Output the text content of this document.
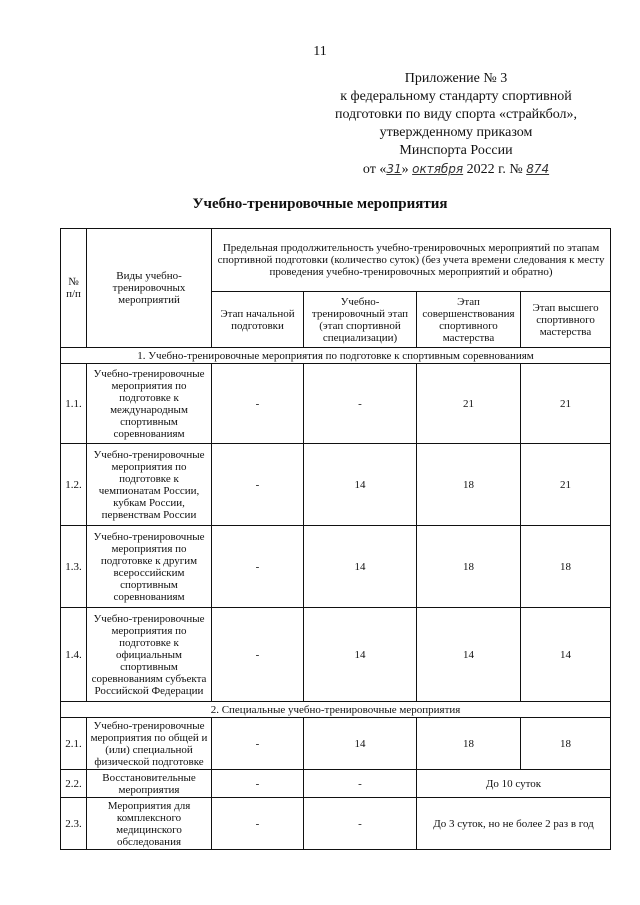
11
Приложение № 3
к федеральному стандарту спортивной
подготовки по виду спорта «страйкбол»,
утвержденному приказом
Минспорта России
от «31» октября 2022 г. № 874
Учебно-тренировочные мероприятия
№ п/п	Виды учебно-тренировочных мероприятий	Предельная продолжительность учебно-тренировочных мероприятий по этапам спортивной подготовки (количество суток) (без учета времени следования к месту проведения учебно-тренировочных мероприятий и обратно)			
		Этап начальной подготовки	Учебно-тренировочный этап (этап спортивной специализации)	Этап совершенствования спортивного мастерства	Этап высшего спортивного мастерства
1. Учебно-тренировочные мероприятия по подготовке к спортивным соревнованиям					
1.1.	Учебно-тренировочные мероприятия по подготовке к международным спортивным соревнованиям	-	-	21	21
1.2.	Учебно-тренировочные мероприятия по подготовке к чемпионатам России, кубкам России, первенствам России	-	14	18	21
1.3.	Учебно-тренировочные мероприятия по подготовке к другим всероссийским спортивным соревнованиям	-	14	18	18
1.4.	Учебно-тренировочные мероприятия по подготовке к официальным спортивным соревнованиям субъекта Российской Федерации	-	14	14	14
2. Специальные учебно-тренировочные мероприятия					
2.1.	Учебно-тренировочные мероприятия по общей и (или) специальной физической подготовке	-	14	18	18
2.2.	Восстановительные мероприятия	-	-	До 10 суток	
2.3.	Мероприятия для комплексного медицинского обследования	-	-	До 3 суток, но не более 2 раз в год	
